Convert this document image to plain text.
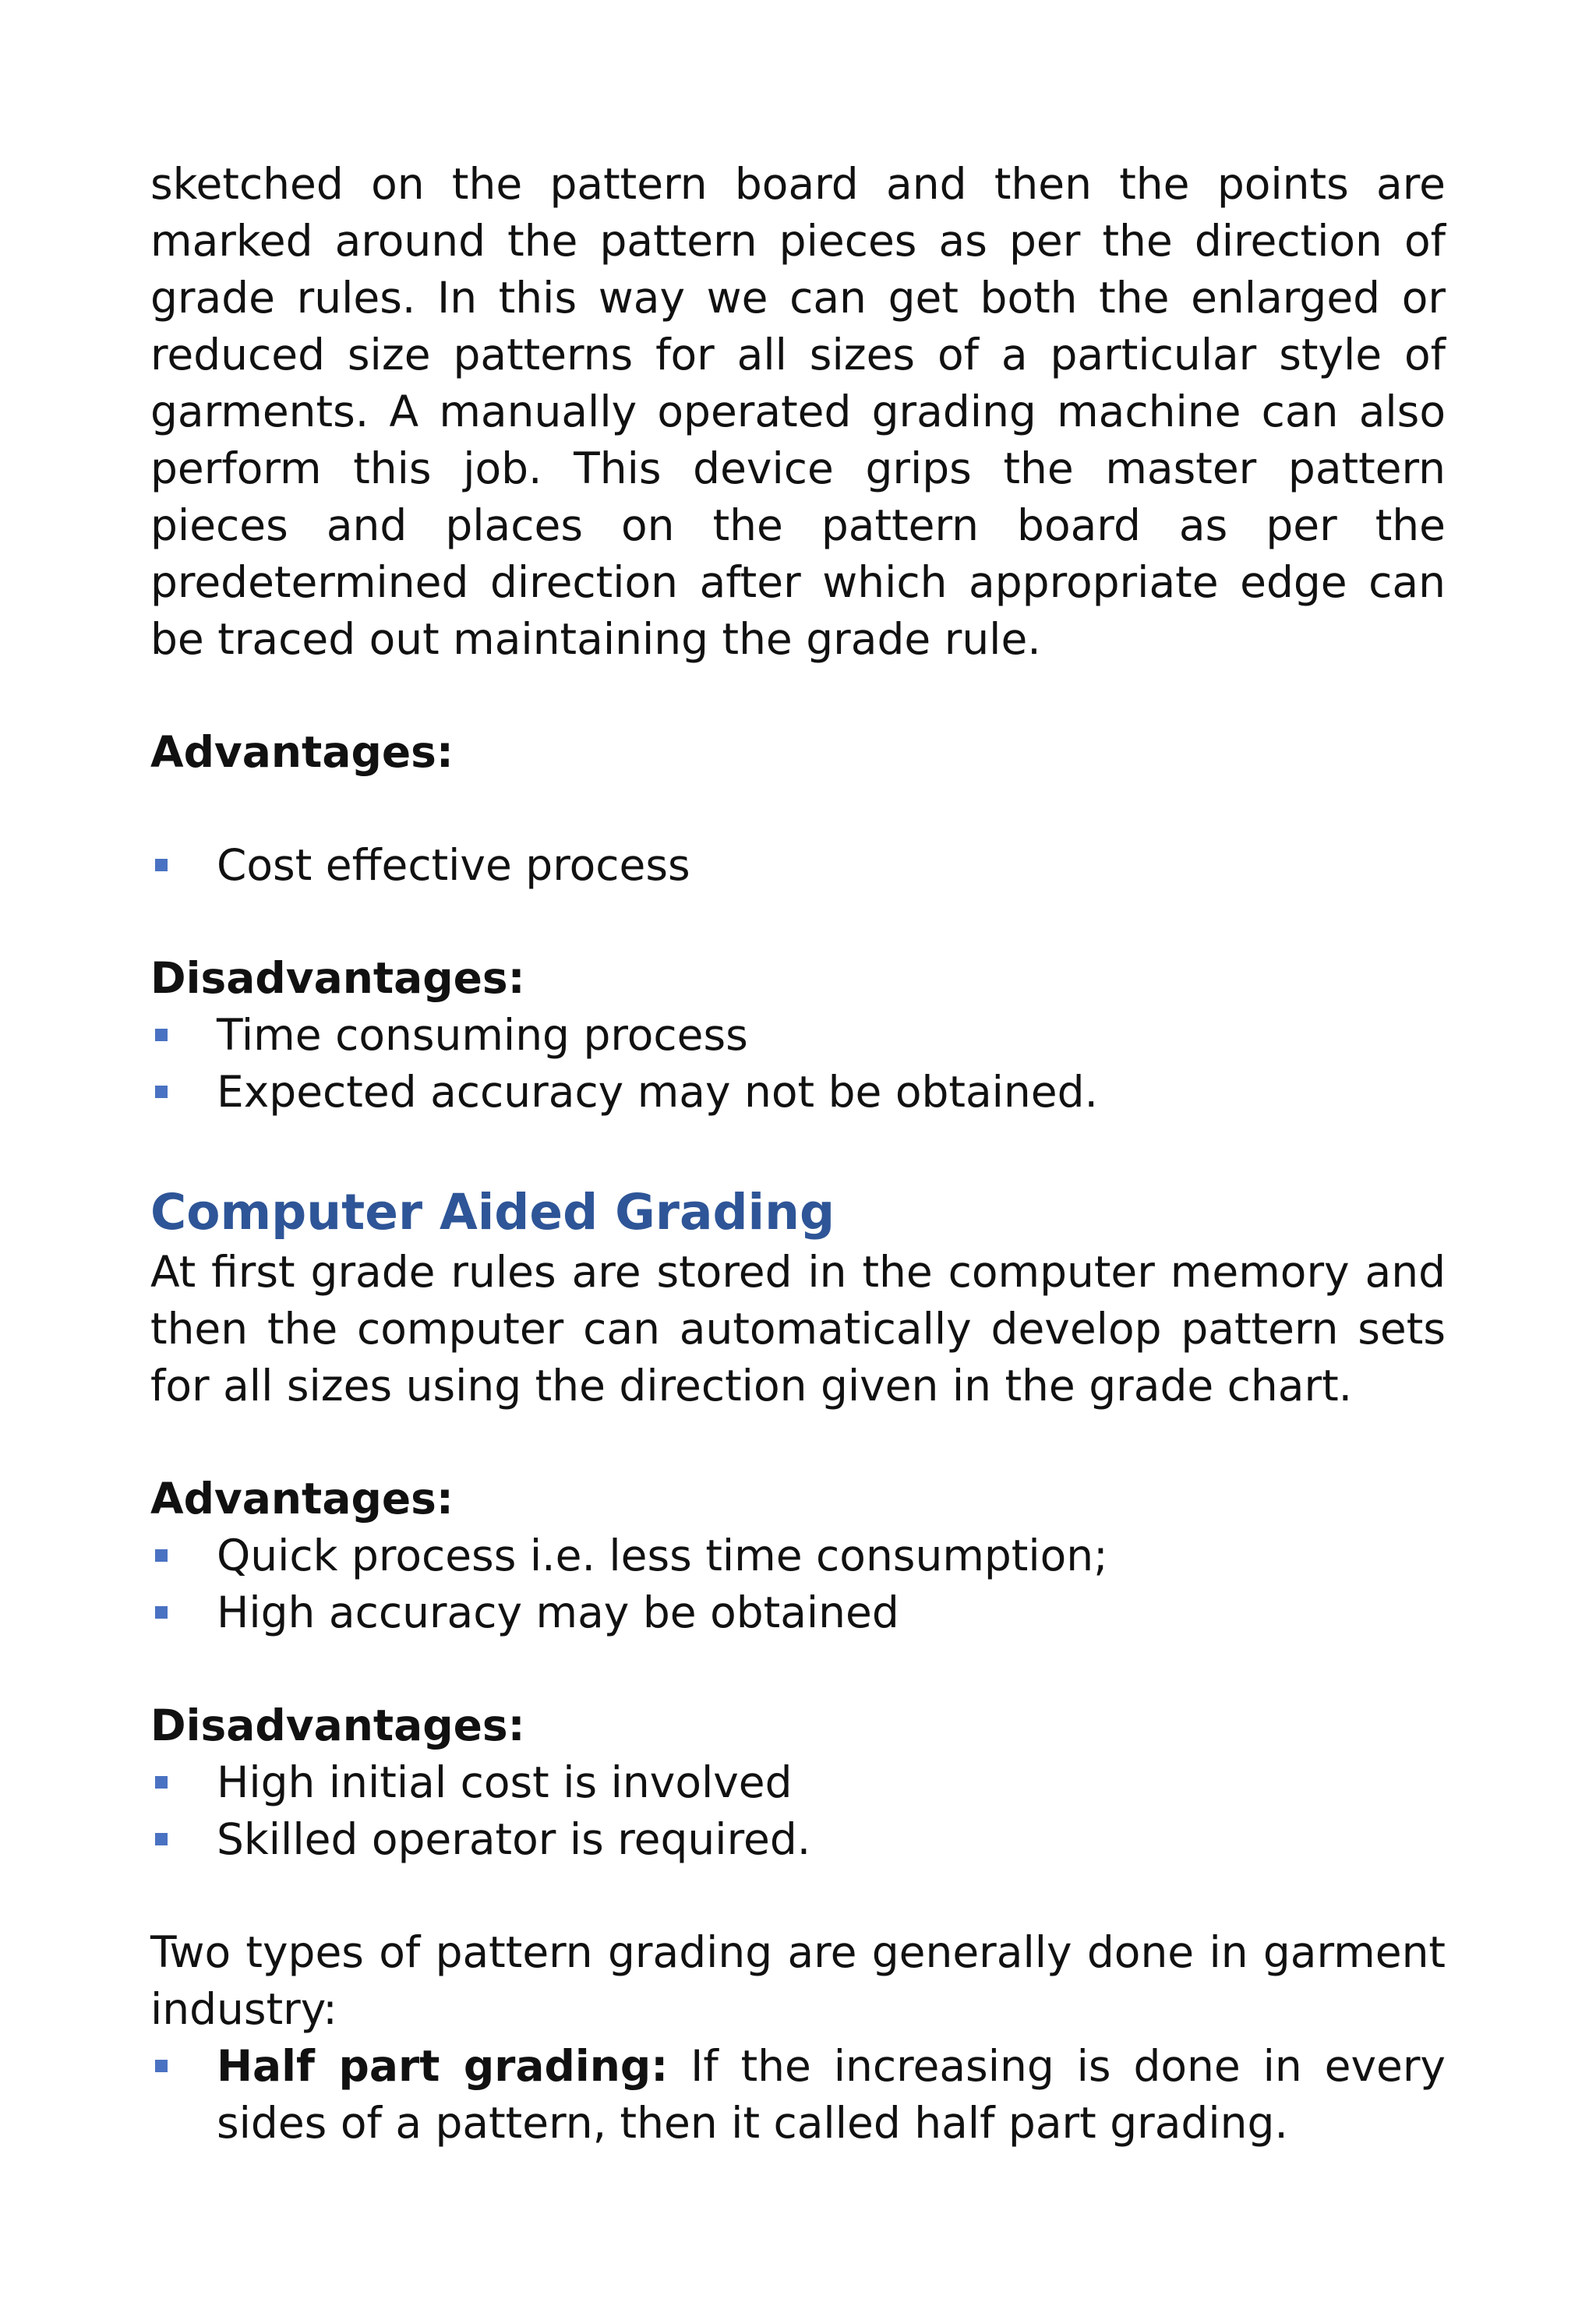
sketched on the pattern board and then the points are marked around the pattern pieces as per the direction of grade rules. In this way we can get both the enlarged or reduced size patterns for all sizes of a particular style of garments. A manually operated grading machine can also perform this job. This device grips the master pattern pieces and places on the pattern board as per the predetermined direction after which appropriate edge can be traced out maintaining the grade rule.

Advantages:

Cost effective process

Disadvantages:

Time consuming process
Expected accuracy may not be obtained.
Computer Aided Grading

At first grade rules are stored in the computer memory and then the computer can automatically develop pattern sets for all sizes using the direction given in the grade chart.

Advantages:

Quick process i.e. less time consumption;
High accuracy may be obtained

Disadvantages:

High initial cost is involved
Skilled operator is required.

Two types of pattern grading are generally done in garment industry:

Half part grading: If the increasing is done in every sides of a pattern, then it called half part grading.
